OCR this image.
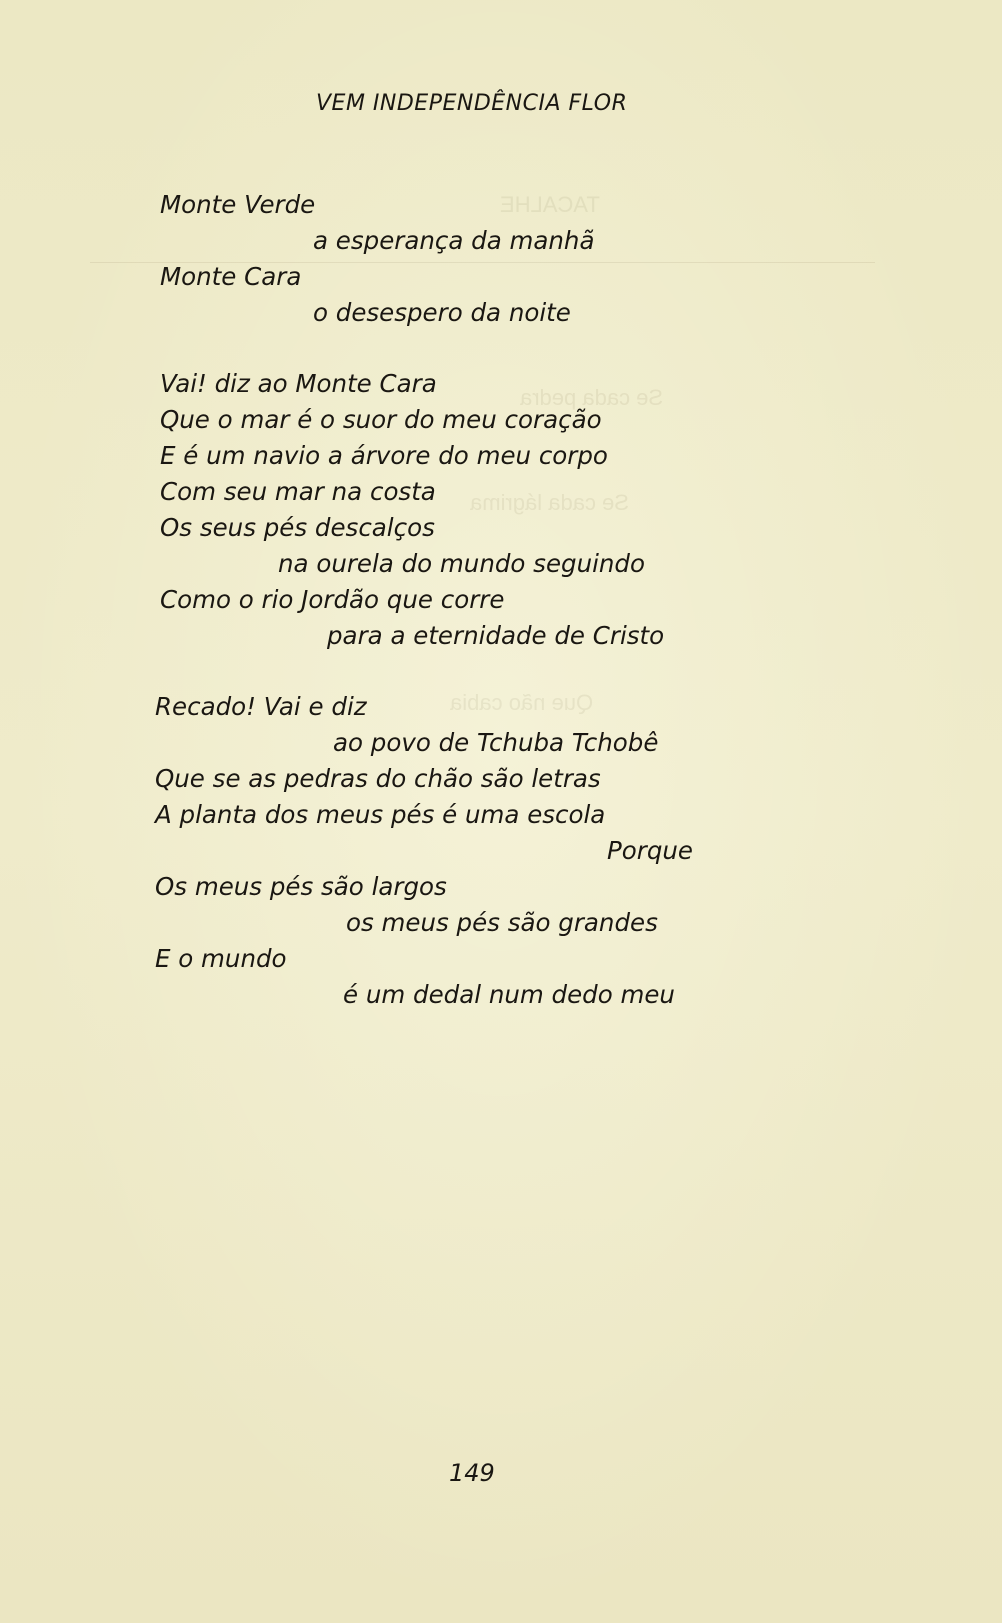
TACALHE
Se cada pedra
Se cada lágrima
Que não cabia
VEM INDEPENDÊNCIA FLOR
Monte Verde
a esperança da manhã
Monte Cara
o desespero da noite
Vai! diz ao Monte Cara
Que o mar é o suor do meu coração
E é um navio a árvore do meu corpo
Com seu mar na costa
Os seus pés descalços
na ourela do mundo seguindo
Como o rio Jordão que corre
para a eternidade de Cristo
Recado! Vai e diz
ao povo de Tchuba Tchobê
Que se as pedras do chão são letras
A planta dos meus pés é uma escola
Porque
Os meus pés são largos
os meus pés são grandes
E o mundo
é um dedal num dedo meu
149
